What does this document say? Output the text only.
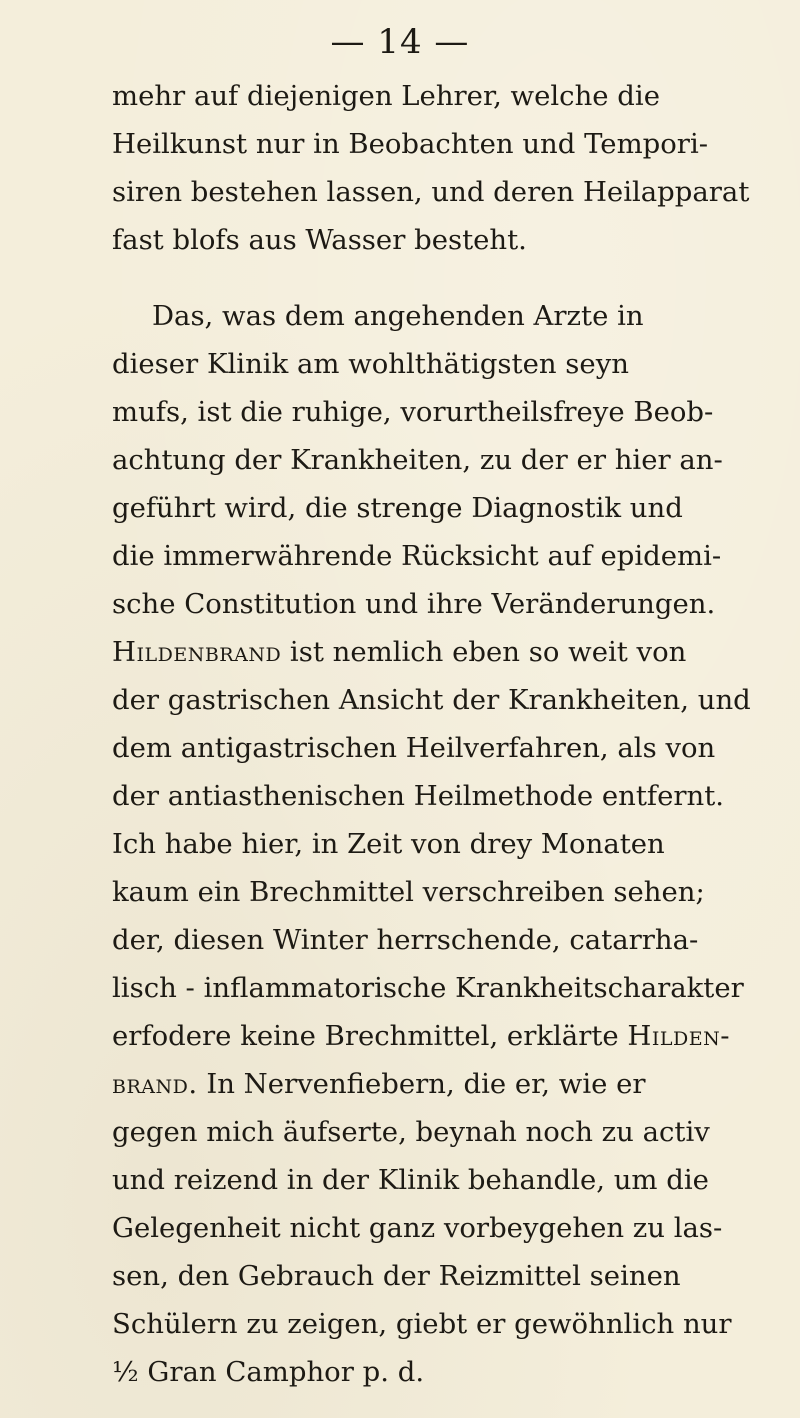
— 14 —
mehr auf diejenigen Lehrer, welche die
Heilkunst nur in Beobachten und Tempori-
siren bestehen lassen, und deren Heilapparat
fast blofs aus Wasser besteht.
Das, was dem angehenden Arzte in
dieser Klinik am wohlthätigsten seyn
mufs, ist die ruhige, vorurtheilsfreye Beob-
achtung der Krankheiten, zu der er hier an-
geführt wird, die strenge Diagnostik und
die immerwährende Rücksicht auf epidemi-
sche Constitution und ihre Veränderungen.
Hildenbrand ist nemlich eben so weit von
der gastrischen Ansicht der Krankheiten, und
dem antigastrischen Heilverfahren, als von
der antiasthenischen Heilmethode entfernt.
Ich habe hier, in Zeit von drey Monaten
kaum ein Brechmittel verschreiben sehen;
der, diesen Winter herrschende, catarrha-
lisch - inflammatorische Krankheitscharakter
erfodere keine Brechmittel, erklärte Hilden-
brand. In Nervenfiebern, die er, wie er
gegen mich äufserte, beynah noch zu activ
und reizend in der Klinik behandle, um die
Gelegenheit nicht ganz vorbeygehen zu las-
sen, den Gebrauch der Reizmittel seinen
Schülern zu zeigen, giebt er gewöhnlich nur
½ Gran Camphor p. d.
